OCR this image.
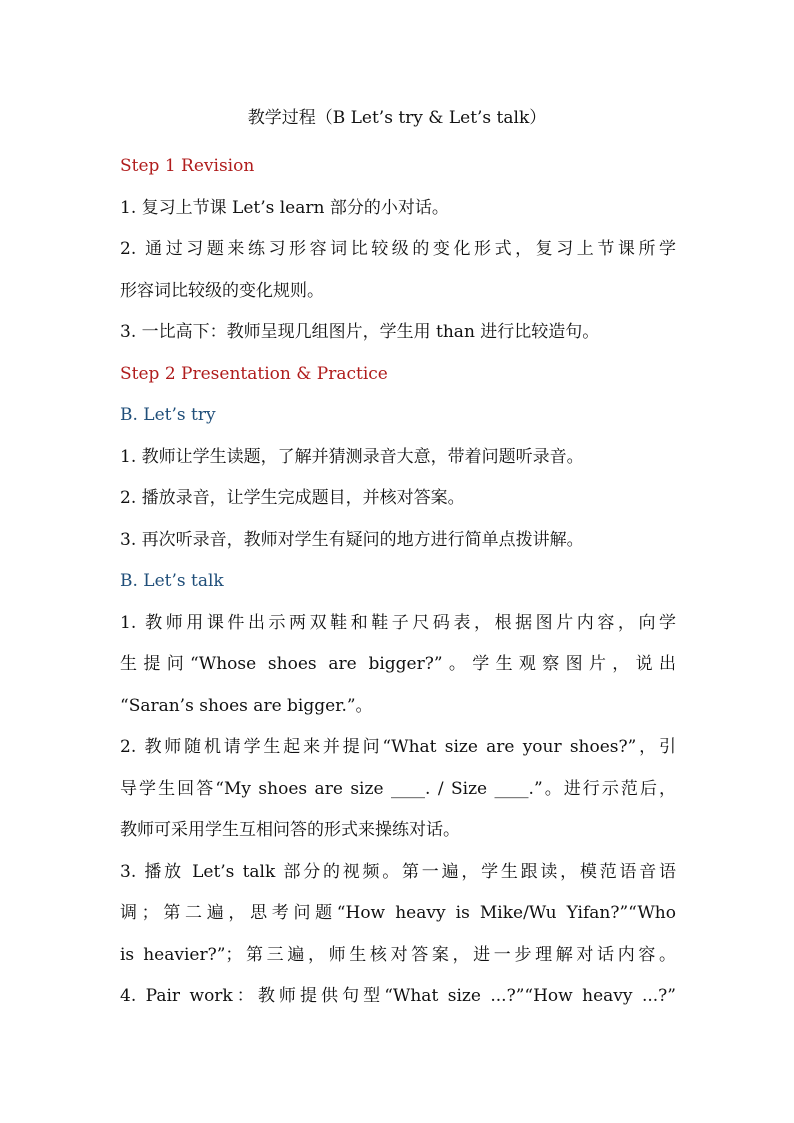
教学过程（B Let’s try & Let’s talk）
Step 1 Revision
1. 复习上节课 Let’s learn 部分的小对话。
2. 通过习题来练习形容词比较级的变化形式，复习上节课所学
形容词比较级的变化规则。
3. 一比高下：教师呈现几组图片，学生用 than 进行比较造句。
Step 2 Presentation & Practice
B. Let’s try
1. 教师让学生读题，了解并猜测录音大意，带着问题听录音。
2. 播放录音，让学生完成题目，并核对答案。
3. 再次听录音，教师对学生有疑问的地方进行简单点拨讲解。
B. Let’s talk
1. 教师用课件出示两双鞋和鞋子尺码表，根据图片内容，向学
生提问“Whose shoes are bigger?”。学生观察图片，说出
“Saran’s shoes are bigger.”。
2. 教师随机请学生起来并提问“What size are your shoes?”，引
导学生回答“My shoes are size ____. / Size ____.”。进行示范后，
教师可采用学生互相问答的形式来操练对话。
3. 播放 Let’s talk 部分的视频。第一遍，学生跟读，模范语音语
调；第二遍，思考问题“How heavy is Mike/Wu Yifan?”“Who
is heavier?”；第三遍，师生核对答案，进一步理解对话内容。
4. Pair work：教师提供句型“What size ...?”“How heavy ...?”
